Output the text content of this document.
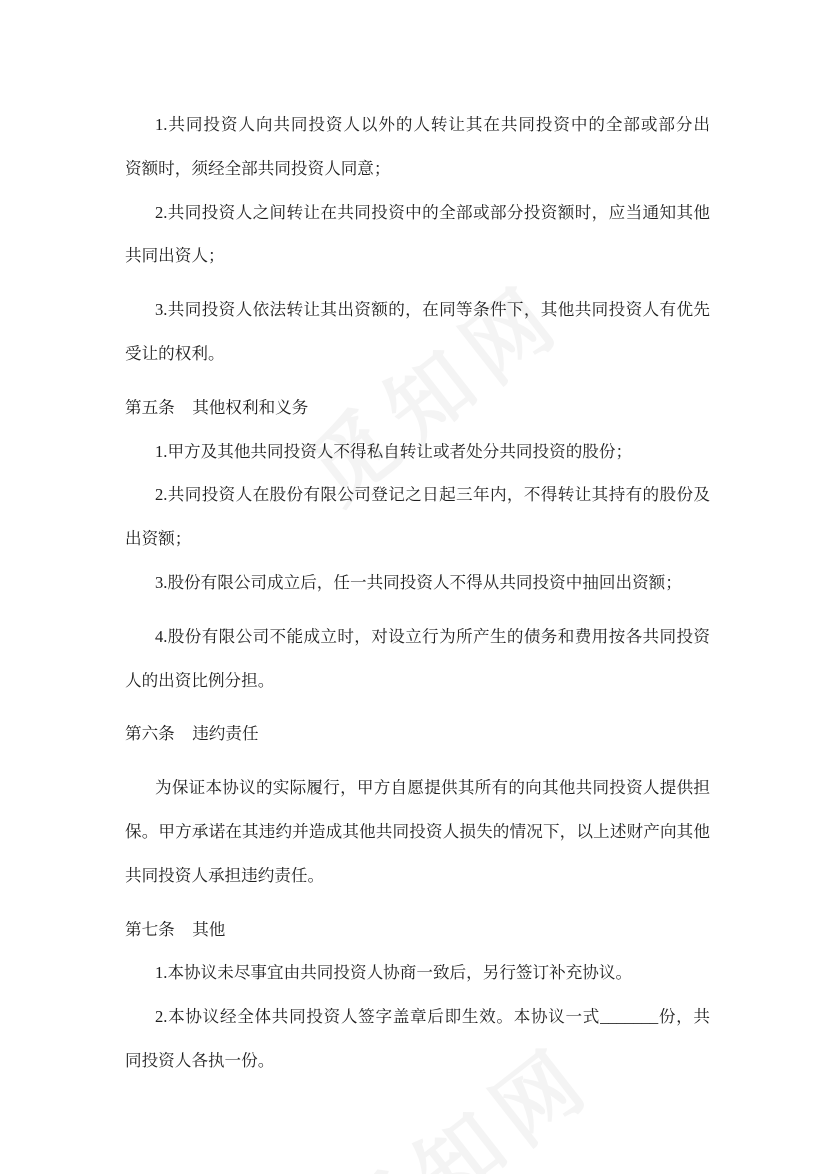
1.共同投资人向共同投资人以外的人转让其在共同投资中的全部或部分出
资额时，须经全部共同投资人同意；
2.共同投资人之间转让在共同投资中的全部或部分投资额时，应当通知其他
共同出资人；
3.共同投资人依法转让其出资额的，在同等条件下，其他共同投资人有优先
受让的权利。
第五条 其他权利和义务
1.甲方及其他共同投资人不得私自转让或者处分共同投资的股份；
2.共同投资人在股份有限公司登记之日起三年内，不得转让其持有的股份及
出资额；
3.股份有限公司成立后，任一共同投资人不得从共同投资中抽回出资额；
4.股份有限公司不能成立时，对设立行为所产生的债务和费用按各共同投资
人的出资比例分担。
第六条 违约责任
为保证本协议的实际履行，甲方自愿提供其所有的向其他共同投资人提供担
保。甲方承诺在其违约并造成其他共同投资人损失的情况下，以上述财产向其他
共同投资人承担违约责任。
第七条 其他
1.本协议未尽事宜由共同投资人协商一致后，另行签订补充协议。
2.本协议经全体共同投资人签字盖章后即生效。本协议一式_______份，共
同投资人各执一份。
